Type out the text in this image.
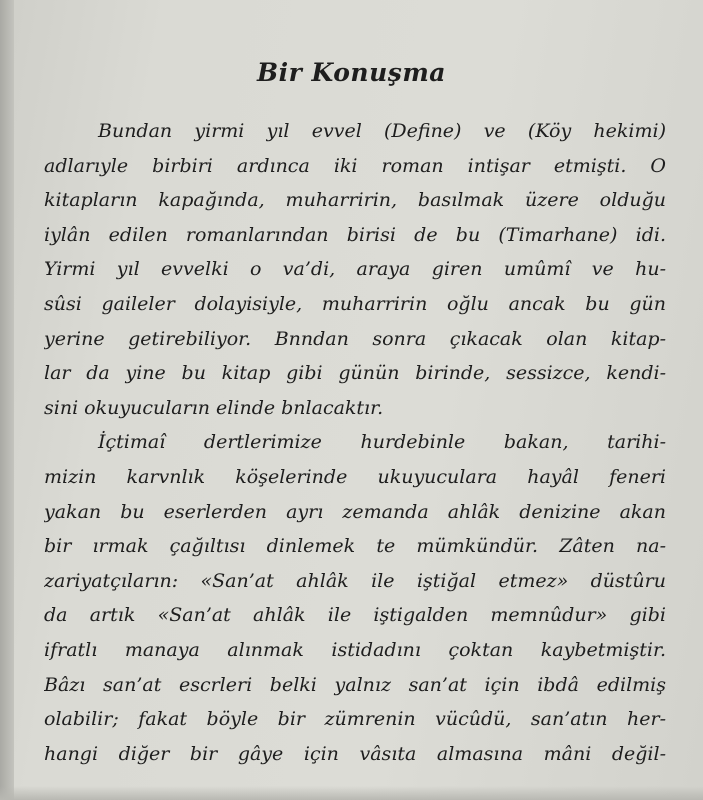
Bir Konuşma
Bundan yirmi yıl evvel (Define) ve (Köy hekimi)
adlarıyle birbiri ardınca iki roman intişar etmişti. O
kitapların kapağında, muharririn, basılmak üzere olduğu
iylân edilen romanlarından birisi de bu (Timarhane) idi.
Yirmi yıl evvelki o va’di, araya giren umûmî ve hu-
sûsi gaileler dolayisiyle, muharririn oğlu ancak bu gün
yerine getirebiliyor. Bnndan sonra çıkacak olan kitap-
lar da yine bu kitap gibi günün birinde, sessizce, kendi-
sini okuyucuların elinde bnlacaktır.
İçtimaî dertlerimize hurdebinle bakan, tarihi-
mizin karvnlık köşelerinde ukuyuculara hayâl feneri
yakan bu eserlerden ayrı zemanda ahlâk denizine akan
bir ırmak çağıltısı dinlemek te mümkündür. Zâten na-
zariyatçıların: «San’at ahlâk ile iştiğal etmez» düstûru
da artık «San’at ahlâk ile iştigalden memnûdur» gibi
ifratlı manaya alınmak istidadını çoktan kaybetmiştir.
Bâzı san’at escrleri belki yalnız san’at için ibdâ edilmiş
olabilir; fakat böyle bir zümrenin vücûdü, san’atın her-
hangi diğer bir gâye için vâsıta almasına mâni değil-
